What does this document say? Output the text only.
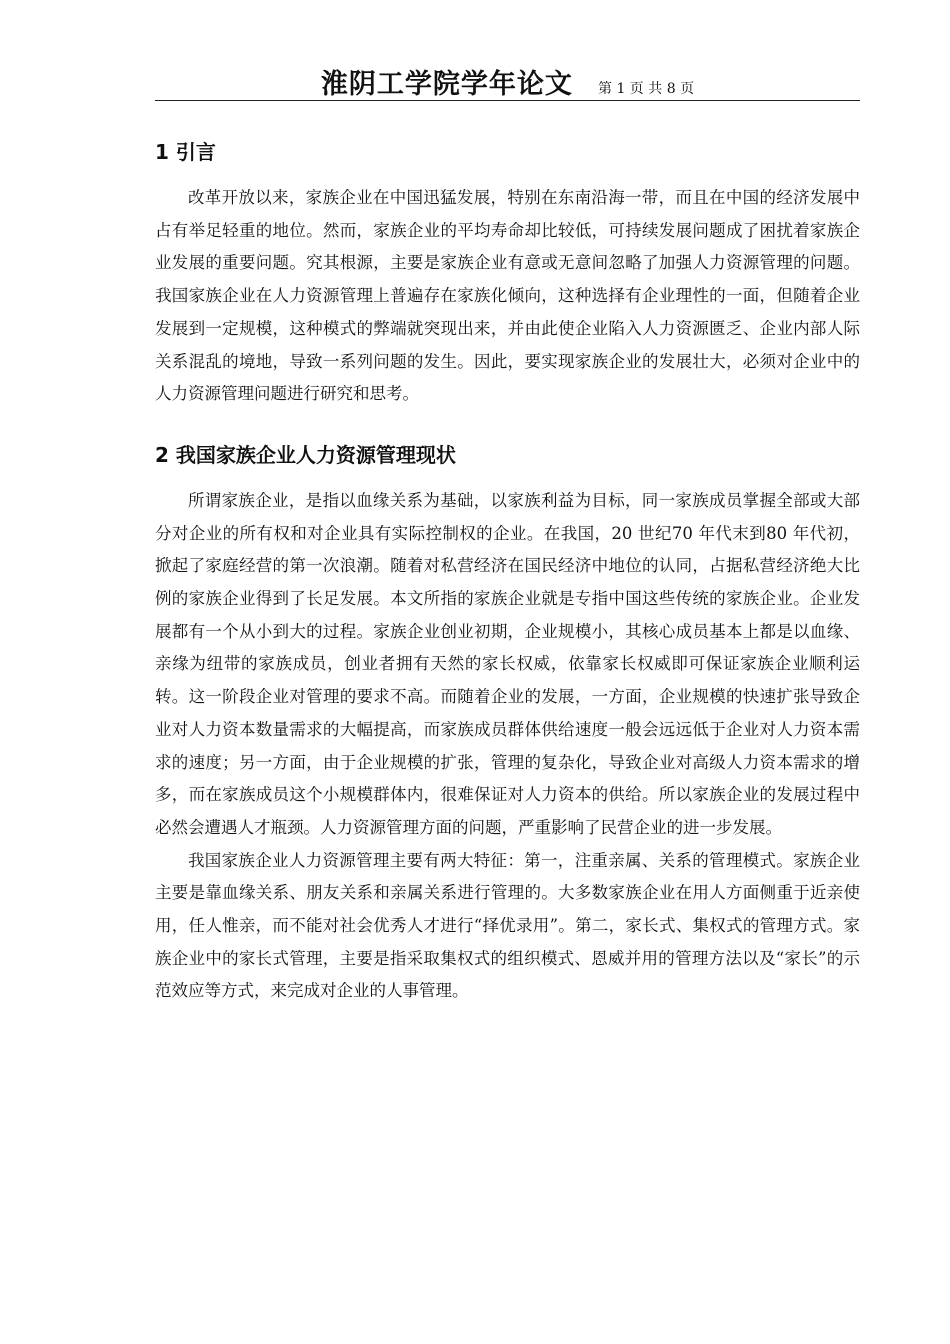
淮阴工学院学年论文 第 1 页 共 8 页
1 引言

改革开放以来，家族企业在中国迅猛发展，特别在东南沿海一带，而且在中国的经济发展中占有举足轻重的地位。然而，家族企业的平均寿命却比较低，可持续发展问题成了困扰着家族企业发展的重要问题。究其根源，主要是家族企业有意或无意间忽略了加强人力资源管理的问题。我国家族企业在人力资源管理上普遍存在家族化倾向，这种选择有企业理性的一面，但随着企业发展到一定规模，这种模式的弊端就突现出来，并由此使企业陷入人力资源匮乏、企业内部人际关系混乱的境地，导致一系列问题的发生。因此，要实现家族企业的发展壮大，必须对企业中的人力资源管理问题进行研究和思考。

2 我国家族企业人力资源管理现状

所谓家族企业，是指以血缘关系为基础，以家族利益为目标，同一家族成员掌握全部或大部分对企业的所有权和对企业具有实际控制权的企业。在我国，20 世纪70 年代末到80 年代初，掀起了家庭经营的第一次浪潮。随着对私营经济在国民经济中地位的认同，占据私营经济绝大比例的家族企业得到了长足发展。本文所指的家族企业就是专指中国这些传统的家族企业。企业发展都有一个从小到大的过程。家族企业创业初期，企业规模小，其核心成员基本上都是以血缘、亲缘为纽带的家族成员，创业者拥有天然的家长权威，依靠家长权威即可保证家族企业顺利运转。这一阶段企业对管理的要求不高。而随着企业的发展，一方面，企业规模的快速扩张导致企业对人力资本数量需求的大幅提高，而家族成员群体供给速度一般会远远低于企业对人力资本需求的速度；另一方面，由于企业规模的扩张，管理的复杂化，导致企业对高级人力资本需求的增多，而在家族成员这个小规模群体内，很难保证对人力资本的供给。所以家族企业的发展过程中必然会遭遇人才瓶颈。人力资源管理方面的问题，严重影响了民营企业的进一步发展。

我国家族企业人力资源管理主要有两大特征：第一，注重亲属、关系的管理模式。家族企业主要是靠血缘关系、朋友关系和亲属关系进行管理的。大多数家族企业在用人方面侧重于近亲使用，任人惟亲，而不能对社会优秀人才进行“择优录用”。第二，家长式、集权式的管理方式。家族企业中的家长式管理，主要是指采取集权式的组织模式、恩威并用的管理方法以及“家长”的示范效应等方式，来完成对企业的人事管理。
